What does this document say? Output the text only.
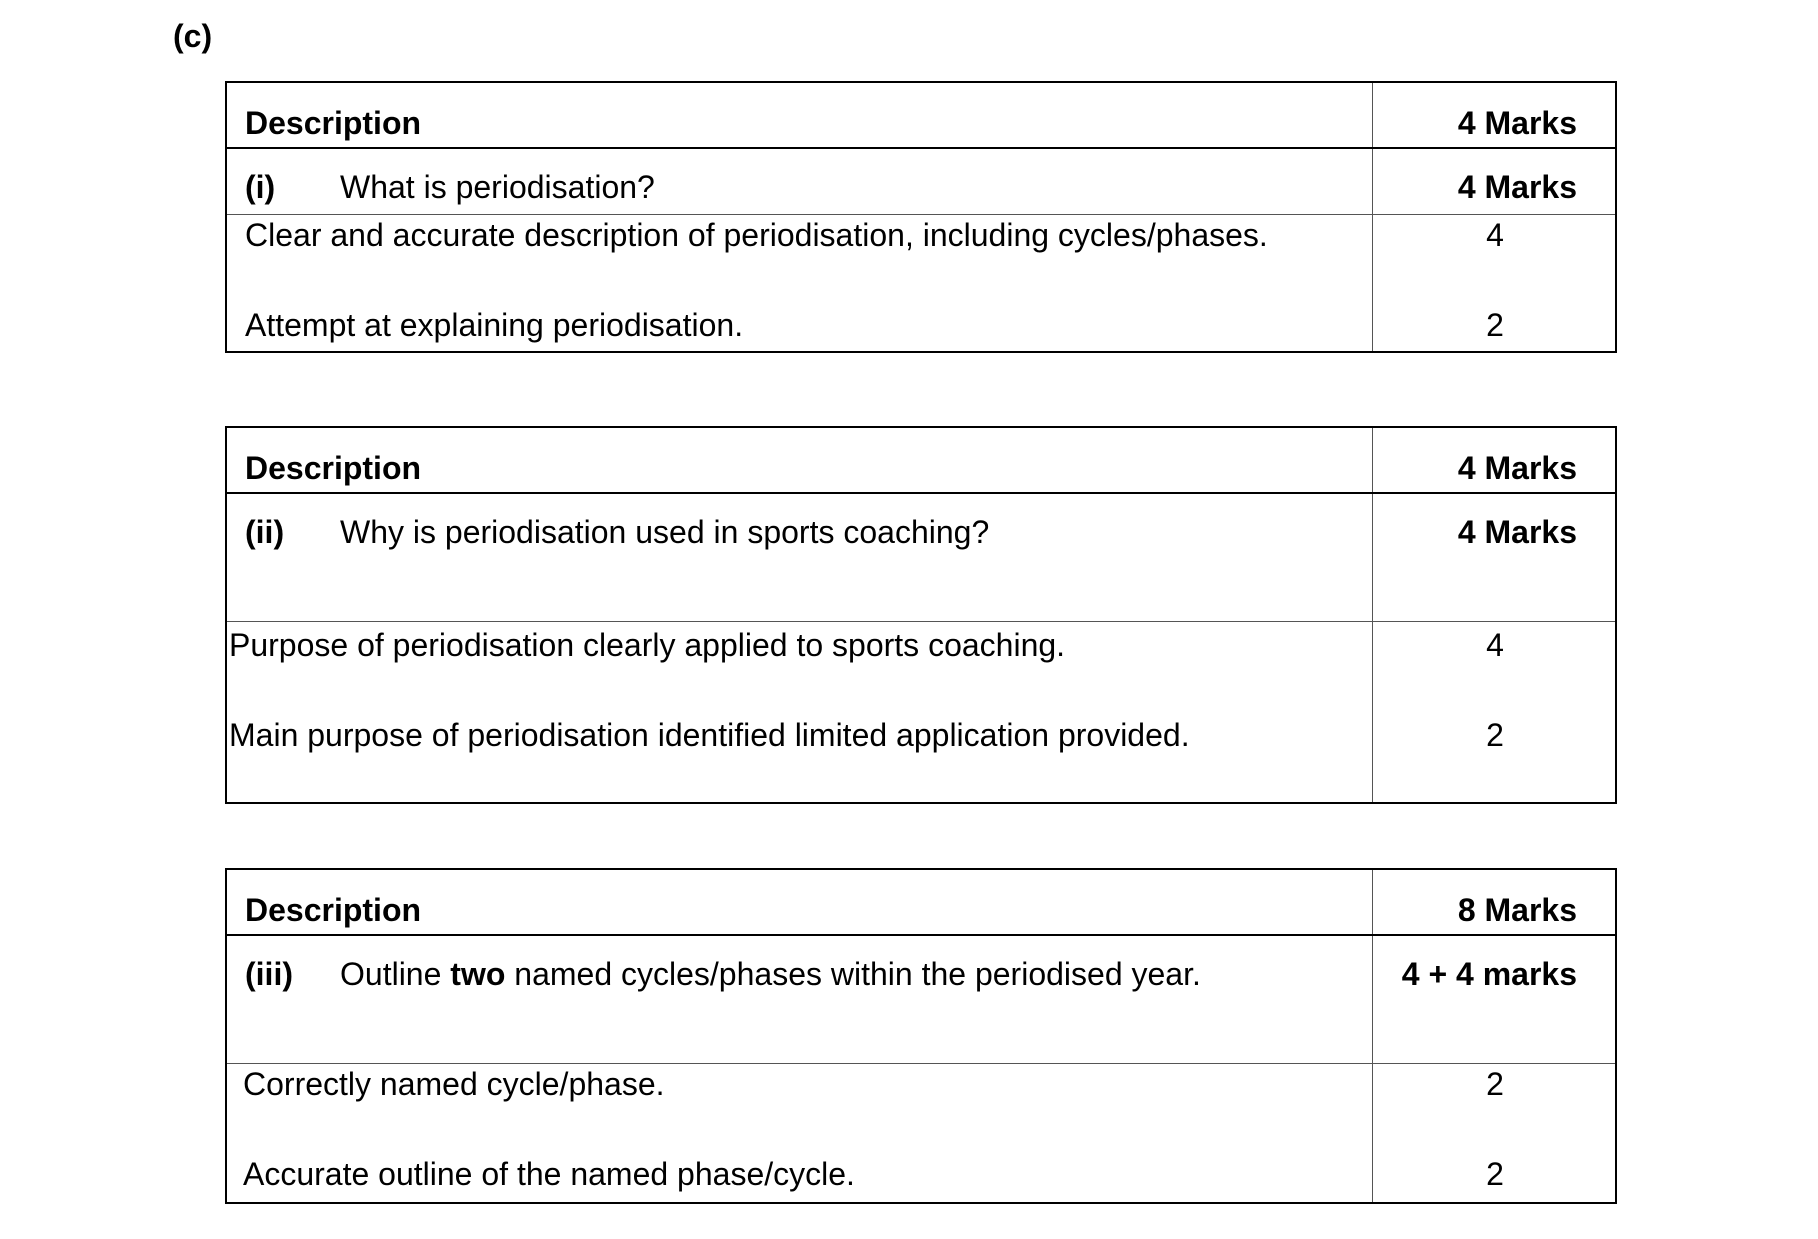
(c)
Description	4 Marks
(i) What is periodisation?	4 Marks
Clear and accurate description of periodisation, including cycles/phases.	4
Attempt at explaining periodisation.	2
Description	4 Marks
(ii) Why is periodisation used in sports coaching?	4 Marks
Purpose of periodisation clearly applied to sports coaching.	4
Main purpose of periodisation identified limited application provided.	2
Description	8 Marks
(iii) Outline two named cycles/phases within the periodised year.	4 + 4 marks
Correctly named cycle/phase.	2
Accurate outline of the named phase/cycle.	2
